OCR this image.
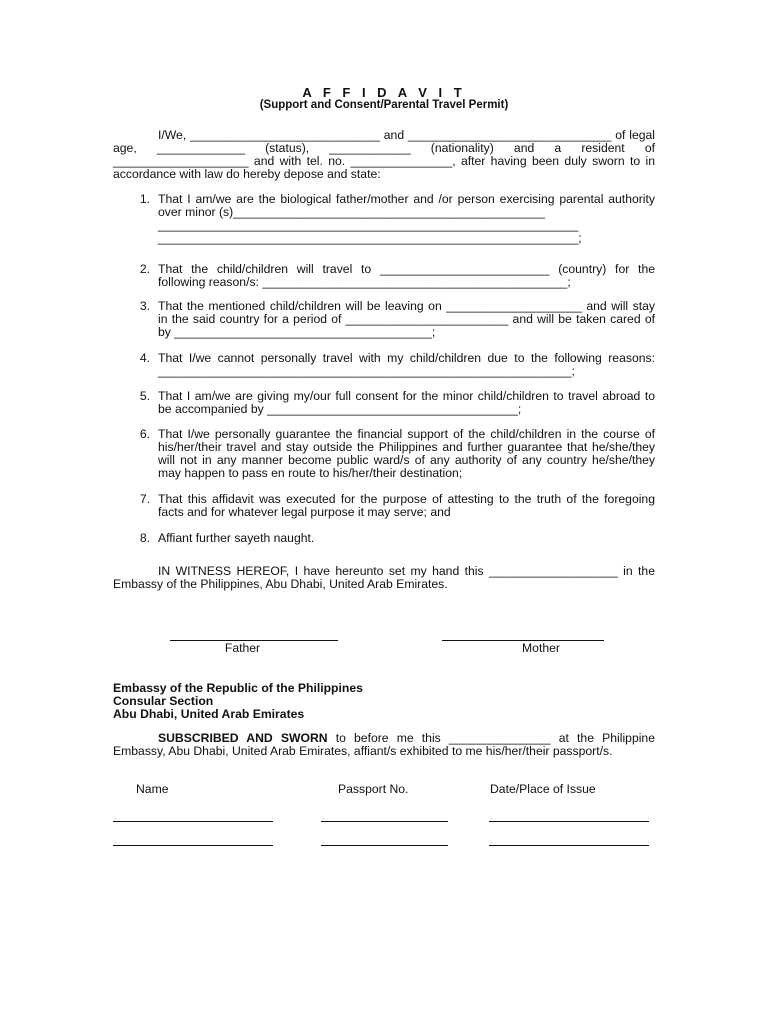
A F F I D A V I T
(Support and Consent/Parental Travel Permit)

I/We, ____________________________ and ______________________________ of legal age, _____________ (status), ____________ (nationality) and a resident of ____________________ and with tel. no. _______________, after having been duly sworn to in accordance with law do hereby depose and state:

1. That I am/we are the biological father/mother and /or person exercising parental authority over minor (s)______________________________________________
______________________________________________________________
______________________________________________________________;
2. That the child/children will travel to _________________________ (country) for the following reason/s: _____________________________________________;
3. That the mentioned child/children will be leaving on ____________________ and will stay in the said country for a period of ________________________ and will be taken cared of by ______________________________________;
4. That I/we cannot personally travel with my child/children due to the following reasons: _____________________________________________________________;
5. That I am/we are giving my/our full consent for the minor child/children to travel abroad to be accompanied by _____________________________________;
6. That I/we personally guarantee the financial support of the child/children in the course of his/her/their travel and stay outside the Philippines and further guarantee that he/she/they will not in any manner become public ward/s of any authority of any country he/she/they may happen to pass en route to his/her/their destination;
7. That this affidavit was executed for the purpose of attesting to the truth of the foregoing facts and for whatever legal purpose it may serve; and
8. Affiant further sayeth naught.

IN WITNESS HEREOF, I have hereunto set my hand this ___________________ in the Embassy of the Philippines, Abu Dhabi, United Arab Emirates.

Father	Mother
Embassy of the Republic of the Philippines
Consular Section
Abu Dhabi, United Arab Emirates

SUBSCRIBED AND SWORN to before me this _______________ at the Philippine Embassy, Abu Dhabi, United Arab Emirates, affiant/s exhibited to me his/her/their passport/s.

Name	Passport No.	Date/Place of Issue
